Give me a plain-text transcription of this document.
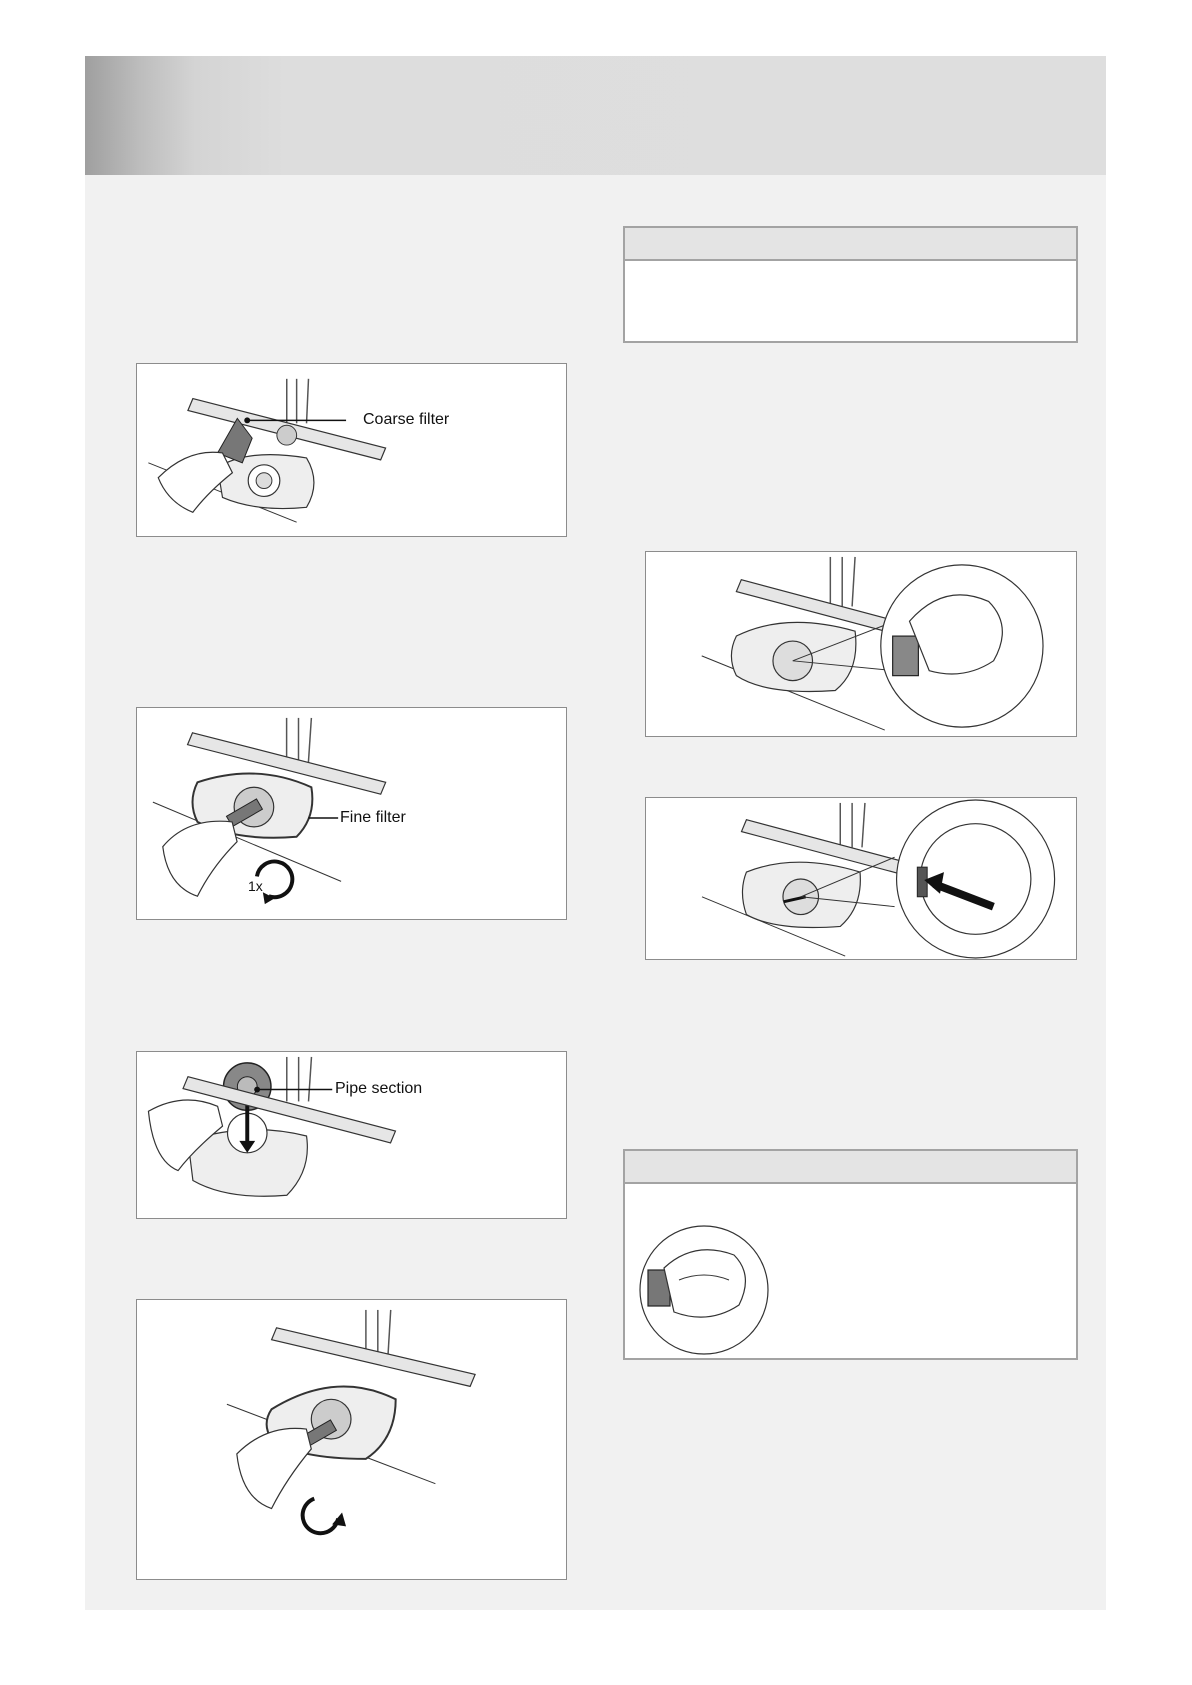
Coarse filter
Fine filter
1x
Pipe section
